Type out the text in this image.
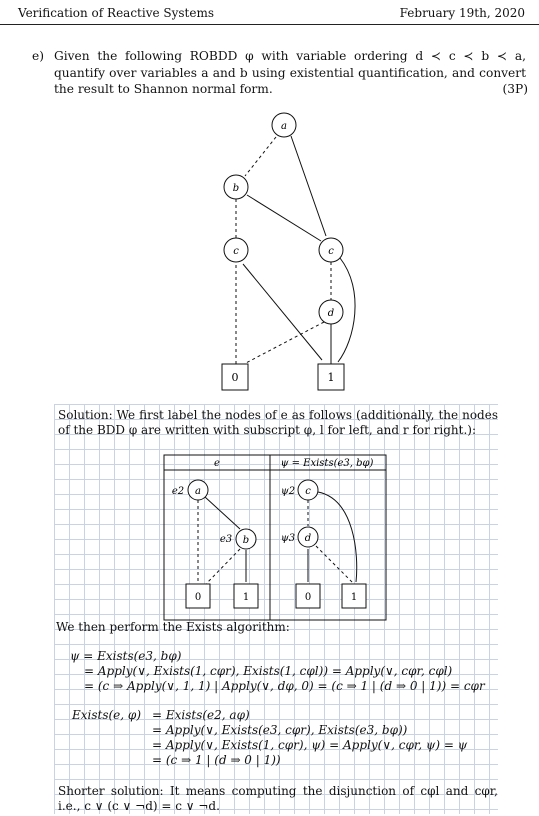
Verification of Reactive Systems	February 19th, 2020
e) Given the following ROBDD φ with variable ordering d ≺ c ≺ b ≺ a, quantify over variables a and b using existential quantification, and convert the result to Shannon normal form.	(3P)
a
b
c	c
d
0	1
Solution: We first label the nodes of e as follows (additionally, the nodes of the BDD φ are written with subscript φ, l for left, and r for right.):
e	ψ = Exists(e3, bφ)
e2
e3
ψ2
ψ3
a
b
c
d
0	1	0	1
We then perform the Exists algorithm:
ψ = Exists(e3, bφ)
= Apply(∨, Exists(1, cφr), Exists(1, cφl)) = Apply(∨, cφr, cφl)
= (c ⇒ Apply(∨, 1, 1) | Apply(∨, dφ, 0) = (c ⇒ 1 | (d ⇒ 0 | 1)) = cφr
Exists(e, φ) = Exists(e2, aφ)
= Apply(∨, Exists(e3, cφr), Exists(e3, bφ))
= Apply(∨, Exists(1, cφr), ψ) = Apply(∨, cφr, ψ) = ψ
= (c ⇒ 1 | (d ⇒ 0 | 1))
Shorter solution: It means computing the disjunction of cφl and cφr, i.e., c ∨ (c ∨ ¬d) = c ∨ ¬d.
